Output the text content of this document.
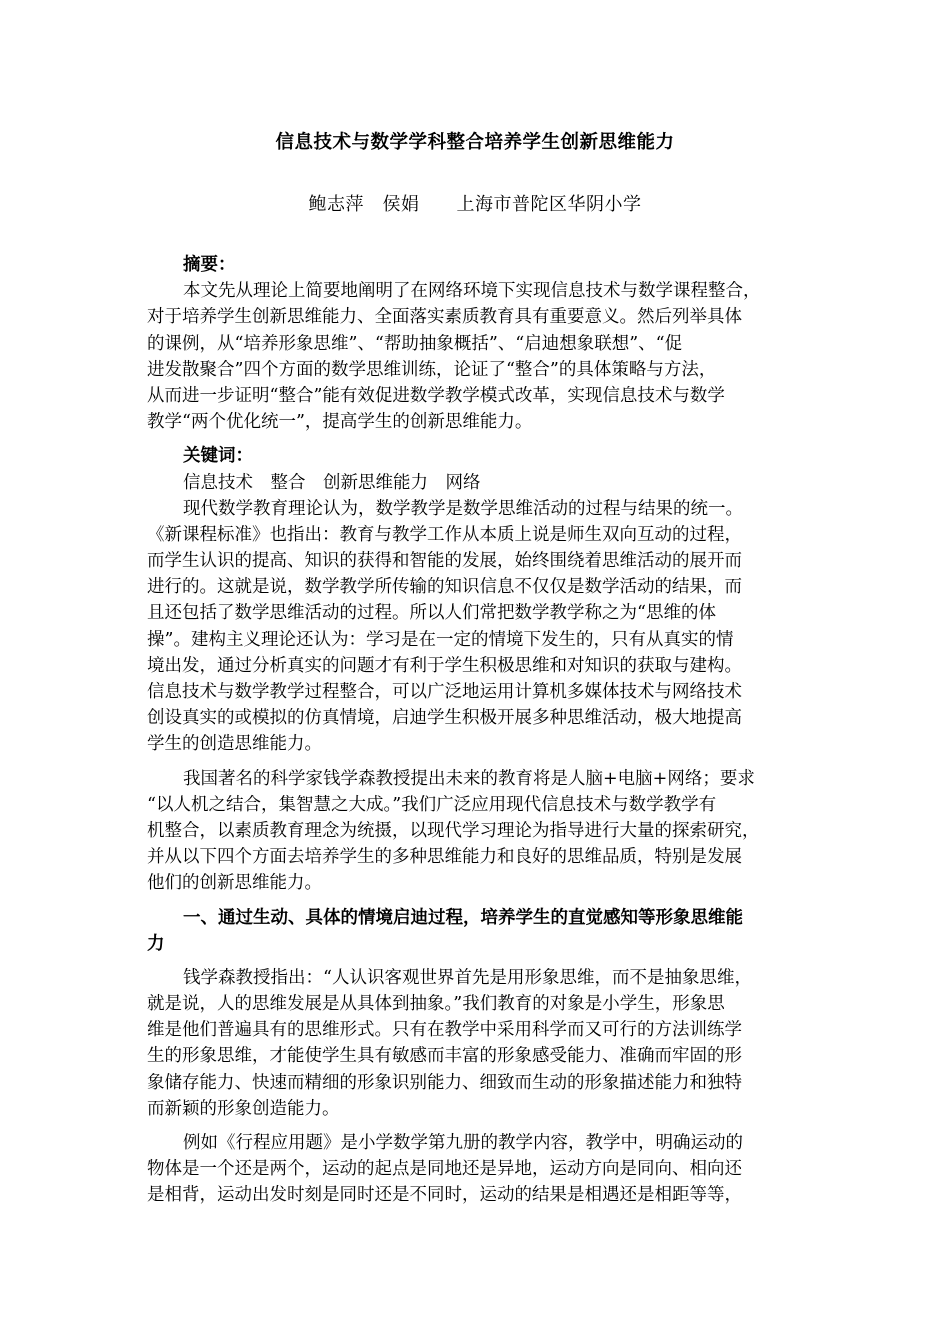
信息技术与数学学科整合培养学生创新思维能力
鲍志萍　侯娟　　上海市普陀区华阴小学
摘要：
本文先从理论上简要地阐明了在网络环境下实现信息技术与数学课程整合，
对于培养学生创新思维能力、全面落实素质教育具有重要意义。然后列举具体
的课例，从“培养形象思维”、“帮助抽象概括”、“启迪想象联想”、“促
进发散聚合”四个方面的数学思维训练，论证了“整合”的具体策略与方法，
从而进一步证明“整合”能有效促进数学教学模式改革，实现信息技术与数学
教学“两个优化统一”，提高学生的创新思维能力。
关键词：
信息技术　整合　创新思维能力　网络
现代数学教育理论认为，数学教学是数学思维活动的过程与结果的统一。
《新课程标准》也指出：教育与教学工作从本质上说是师生双向互动的过程，
而学生认识的提高、知识的获得和智能的发展，始终围绕着思维活动的展开而
进行的。这就是说，数学教学所传输的知识信息不仅仅是数学活动的结果，而
且还包括了数学思维活动的过程。所以人们常把数学教学称之为“思维的体
操”。建构主义理论还认为：学习是在一定的情境下发生的，只有从真实的情
境出发，通过分析真实的问题才有利于学生积极思维和对知识的获取与建构。
信息技术与数学教学过程整合，可以广泛地运用计算机多媒体技术与网络技术
创设真实的或模拟的仿真情境，启迪学生积极开展多种思维活动，极大地提高
学生的创造思维能力。
我国著名的科学家钱学森教授提出未来的教育将是人脑+电脑+网络；要求
“以人机之结合，集智慧之大成。”我们广泛应用现代信息技术与数学教学有
机整合，以素质教育理念为统摄，以现代学习理论为指导进行大量的探索研究，
并从以下四个方面去培养学生的多种思维能力和良好的思维品质，特别是发展
他们的创新思维能力。
一、通过生动、具体的情境启迪过程，培养学生的直觉感知等形象思维能
力
钱学森教授指出：“人认识客观世界首先是用形象思维，而不是抽象思维，
就是说，人的思维发展是从具体到抽象。”我们教育的对象是小学生，形象思
维是他们普遍具有的思维形式。只有在教学中采用科学而又可行的方法训练学
生的形象思维，才能使学生具有敏感而丰富的形象感受能力、准确而牢固的形
象储存能力、快速而精细的形象识别能力、细致而生动的形象描述能力和独特
而新颖的形象创造能力。
例如《行程应用题》是小学数学第九册的教学内容，教学中，明确运动的
物体是一个还是两个，运动的起点是同地还是异地，运动方向是同向、相向还
是相背，运动出发时刻是同时还是不同时，运动的结果是相遇还是相距等等，
